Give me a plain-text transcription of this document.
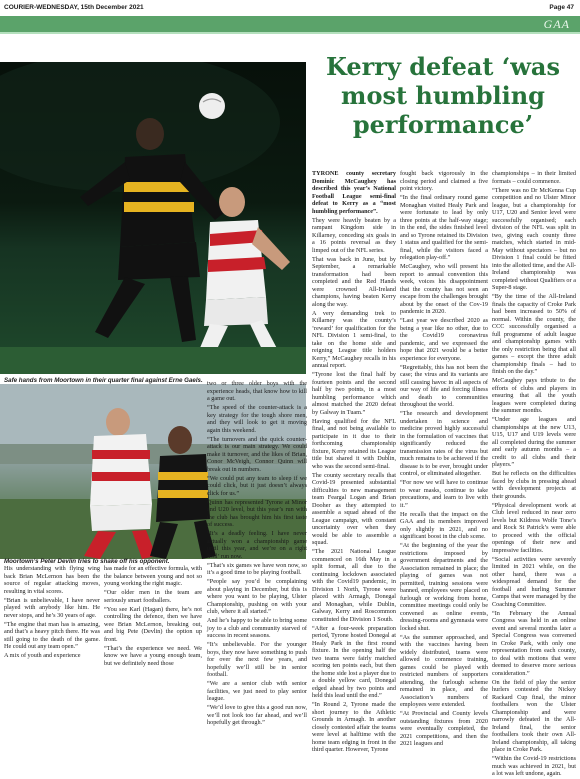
COURIER-WEDNESDAY, 15th December 2021	Page 47
GAA
Safe hands from Moortown in their quarter final against Erne Gaels.
Moortown’s Peter Devlin tries to shake off his opponent.
Kerry defeat ‘was most humbling performance’

His understanding with flying wing back Brian McLernon has been the source of regular attacking moves, resulting in vital scores.

“Brian is unbelievable, I have never played with anybody like him. He never stops, and he’s 30 years of age.

“The engine that man has is amazing, and that’s a heavy pitch there. He was still going to the death of the game. He could out any team open.”

A mix of youth and experience

has made for an effective formula, with the balance between young and not so young working the right magic.

“Our older men in the team are seriously smart footballers.

“You see Karl (Hagan) there, he’s not controlling the defence, then we have wee Brian McLernon, breaking out, and big Pete (Devlin) the option up front.

“That’s the experience we need. We know we have a young enough team, but we definitely need those

two or three older boys with the experience heads, that know how to kill a game out.

“The speed of the counter-attack is a key strategy for the tough shore men, and they will look to get it moving again this weekend.

“The turnovers and the quick counter-attack is our main strategy. We could make it turnover, and the likes of Brian, Conor McVeigh, Connor Quinn will break out in numbers.

“We could put any team to sleep if we could click, but it just doesn’t always click for us.”

Quinn has represented Tyrone at Minor and U20 level, but this year’s run with the club has brought him his first taste of success.

“It’s a deadly feeling. I have never actually won a championship game until this year, and we’re on a right ‘roll’ run now.

“That’s six games we have won now, so it’s a good time to be playing football.

“People say you’d be complaining about playing in December, but this is where you want to be playing, Ulster Championship, pushing on with your club, where it all started.”

And he’s happy to be able to bring some joy to a club and community starved of success in recent seasons.

“It’s unbelievable. For the younger boys, they now have something to push for over the next few years, and hopefully we’ll still be in senior football.

“We are a senior club with senior facilities, we just need to play senior league.

“We’d love to give this a good run now, we’ll not look too far ahead, and we’ll hopefully get through.”

TYRONE county secretary Dominic McCaughey has described this year’s National Football League semi-final defeat to Kerry as a “most humbling performance”.

They were heavily beaten by a rampant Kingdom side in Killarney, conceding six goals in a 16 points reversal as they limped out of the NFL series.

That was back in June, but by September, a remarkable transformation had been completed and the Red Hands were crowned All-Ireland champions, having beaten Kerry along the way.

A very demanding trek to Killarney was the county’s ‘reward’ for qualification for the NFL Division 1 semi-final, to take on the home side and reigning League title holders Kerry,” McCaughey recalls in his annual report.

“Tyrone lost the final half by fourteen points and the second half by two points, in a most humbling performance which almost matched the 2020 defeat by Galway in Tuam.”

Having qualified for the NFL final, and not being available to participate in it due to their forthcoming championship fixture, Kerry retained its League title but shared it with Dublin, who was the second semi-final.

The county secretary recalls that Covid-19 presented substantial difficulties to new management team Feargal Logan and Brian Dooher as they attempted to assemble a squad ahead of the League campaign, with constant uncertainty over when they would be able to assemble a squad.

“The 2021 National League commenced on 16th May in a split format, all due to the continuing lockdown associated with the Covid19 pandemic, in Division 1 North, Tyrone were placed with Armagh, Donegal and Monaghan, while Dublin, Galway, Kerry and Roscommon constituted the Division 1 South.

“After a four-week preparation period, Tyrone hosted Donegal at Healy Park in the first round fixture. In the opening half the two teams were fairly matched scoring ten points each, but then the home side lost a player due to a double yellow card, Donegal edged ahead by two points and held this lead until the end.”

“In Round 2, Tyrone made the short journey to the Athletic Grounds in Armagh. In another closely contested affair the teams were level at halftime with the home team edging in front in the third quarter. However, Tyrone

fought back vigorously in the closing period and claimed a five point victory.

“In the final ordinary round game Monaghan visited Healy Park and were fortunate to lead by only three points at the half-way stage; in the end, the sides finished level and so Tyrone retained its Division 1 status and qualified for the semi-final, while the visitors faced a relegation play-off.”

McCaughey, who will present his report to annual convention this week, voices his disappointment that the county has not seen an escape from the challenges brought about by the onset of the Cov-19 pandemic in 2020.

“Last year we described 2020 as being a year like no other, due to the Covid19 coronavirus pandemic, and we expressed the hope that 2021 would be a better experience for everyone.

“Regrettably, this has not been the case; the virus and its variants are still causing havoc in all aspects of our way of life and forcing illness and death to communities throughout the world.

“The research and development undertaken in science and medicine proved highly successful in the formulation of vaccines that significantly reduced the transmission rates of the virus but much remains to be achieved if the disease is to be ever, brought under control, or eliminated altogether.

“For now we will have to continue to wear masks, continue to take precautions, and learn to live with it.”

He recalls that the impact on the GAA and its members improved only slightly in 2021, and no significant boost in the club scene.

“At the beginning of the year the restrictions imposed by government departments and the Association remained in place; the playing of games was not permitted, training sessions were banned, employees were placed on furlough or working from home, committee meetings could only be convened as online events, dressing-rooms and gymnasia were locked shut.

“As the summer approached, and with the vaccines having been widely distributed, teams were allowed to commence training, games could be played with restricted numbers of supporters attending, the furlough scheme remained in place, and the Association’s numbers of employees were extended.

“At Provincial and County levels outstanding fixtures from 2020 were eventually completed, the 2021 competitions, and then the 2021 leagues and

championships – in their limited formats – could commence.

“There was no Dr McKenna Cup competition and no Ulster Minor league, but a championship for U17, U20 and Senior level were successfully organised; each division of the NFL was split in two, giving each county three matches, which started in mid-May without spectators – but no Division 1 final could be fitted into the allotted time, and the All-Ireland championship was completed without Qualifiers or a Super-8 stage.

“By the time of the All-Ireland finals the capacity of Croke Park had been increased to 50% of normal. Within the county, the CCC successfully organised a full programme of adult league and championship games with the only restriction being that all games – except the three adult championship finals – had to finish on the day.”

McCaughey pays tribute to the efforts of clubs and players in ensuring that all the youth leagues were completed during the summer months.

“Under age leagues and championships at the new U13, U15, U17 and U19 levels were all completed during the summer and early autumn months – a credit to all clubs and their players.”

But he reflects on the difficulties faced by clubs in pressing ahead with development projects at their grounds.

“Physical development work at Club level reduced in near zero levels but Kildress Wolfe Tone’s and Rock St Patrick’s were able to proceed with the official openings of their new and impressive facilities.

“Social activities were severely limited in 2021 while, on the other hand, there was a widespread demand for the football and hurling Summer Camps that were managed by the Coaching Committee.

“In February the Annual Congress was held in an online event and several months later a Special Congress was convened in Croke Park, with only one representation from each county, to deal with motions that were deemed to deserve more serious consideration.”

On the field of play the senior hurlers contested the Nickey Rackard Cup final, the minor footballers won the Ulster Championship and were narrowly defeated in the All-Ireland final, the senior footballers took their own All-Ireland championship, all taking place in Croke Park.

“Within the Covid-19 restrictions much was achieved in 2021, but a lot was left undone, again.
